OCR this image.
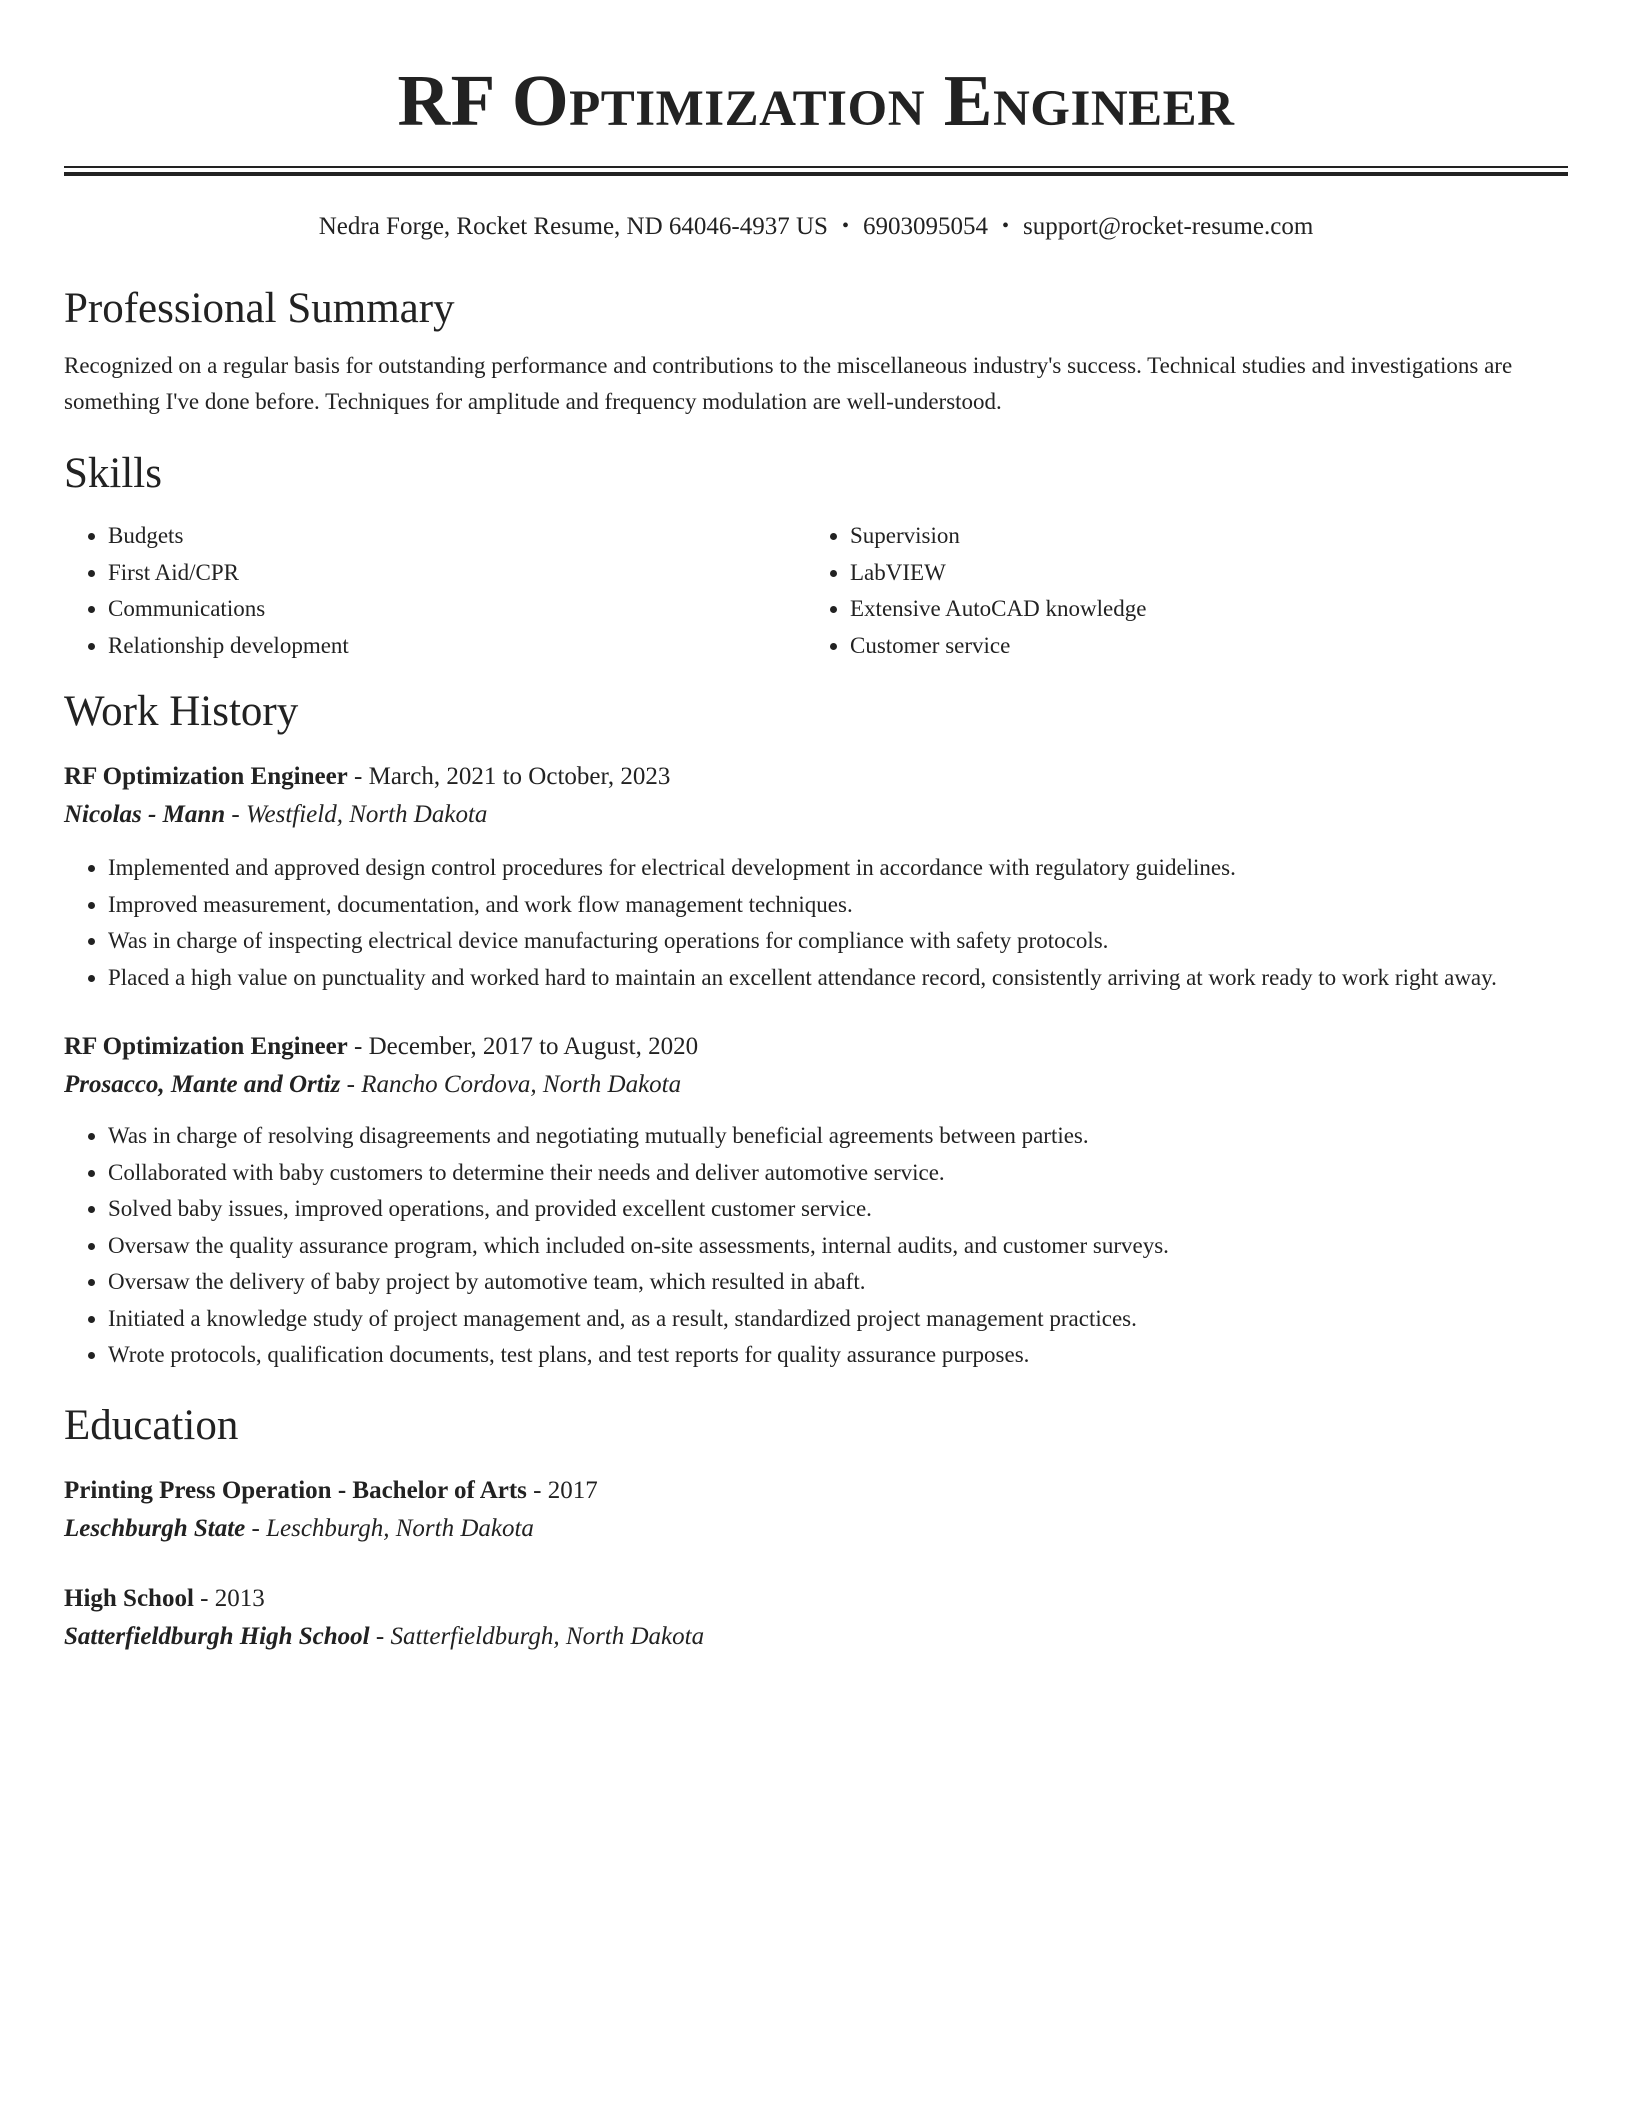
RF Optimization Engineer
Nedra Forge, Rocket Resume, ND 64046-4937 US • 6903095054 • support@rocket-resume.com
Professional Summary

Recognized on a regular basis for outstanding performance and contributions to the miscellaneous industry's success. Technical studies and investigations are something I've done before. Techniques for amplitude and frequency modulation are well-understood.

Skills
• Budgets
• First Aid/CPR
• Communications
• Relationship development
• Supervision
• LabVIEW
• Extensive AutoCAD knowledge
• Customer service
Work History
RF Optimization Engineer - March, 2021 to October, 2023
Nicolas - Mann - Westfield, North Dakota
• Implemented and approved design control procedures for electrical development in accordance with regulatory guidelines.
• Improved measurement, documentation, and work flow management techniques.
• Was in charge of inspecting electrical device manufacturing operations for compliance with safety protocols.
• Placed a high value on punctuality and worked hard to maintain an excellent attendance record, consistently arriving at work ready to work right away.
RF Optimization Engineer - December, 2017 to August, 2020
Prosacco, Mante and Ortiz - Rancho Cordova, North Dakota
• Was in charge of resolving disagreements and negotiating mutually beneficial agreements between parties.
• Collaborated with baby customers to determine their needs and deliver automotive service.
• Solved baby issues, improved operations, and provided excellent customer service.
• Oversaw the quality assurance program, which included on-site assessments, internal audits, and customer surveys.
• Oversaw the delivery of baby project by automotive team, which resulted in abaft.
• Initiated a knowledge study of project management and, as a result, standardized project management practices.
• Wrote protocols, qualification documents, test plans, and test reports for quality assurance purposes.
Education
Printing Press Operation - Bachelor of Arts - 2017
Leschburgh State - Leschburgh, North Dakota
High School - 2013
Satterfieldburgh High School - Satterfieldburgh, North Dakota
